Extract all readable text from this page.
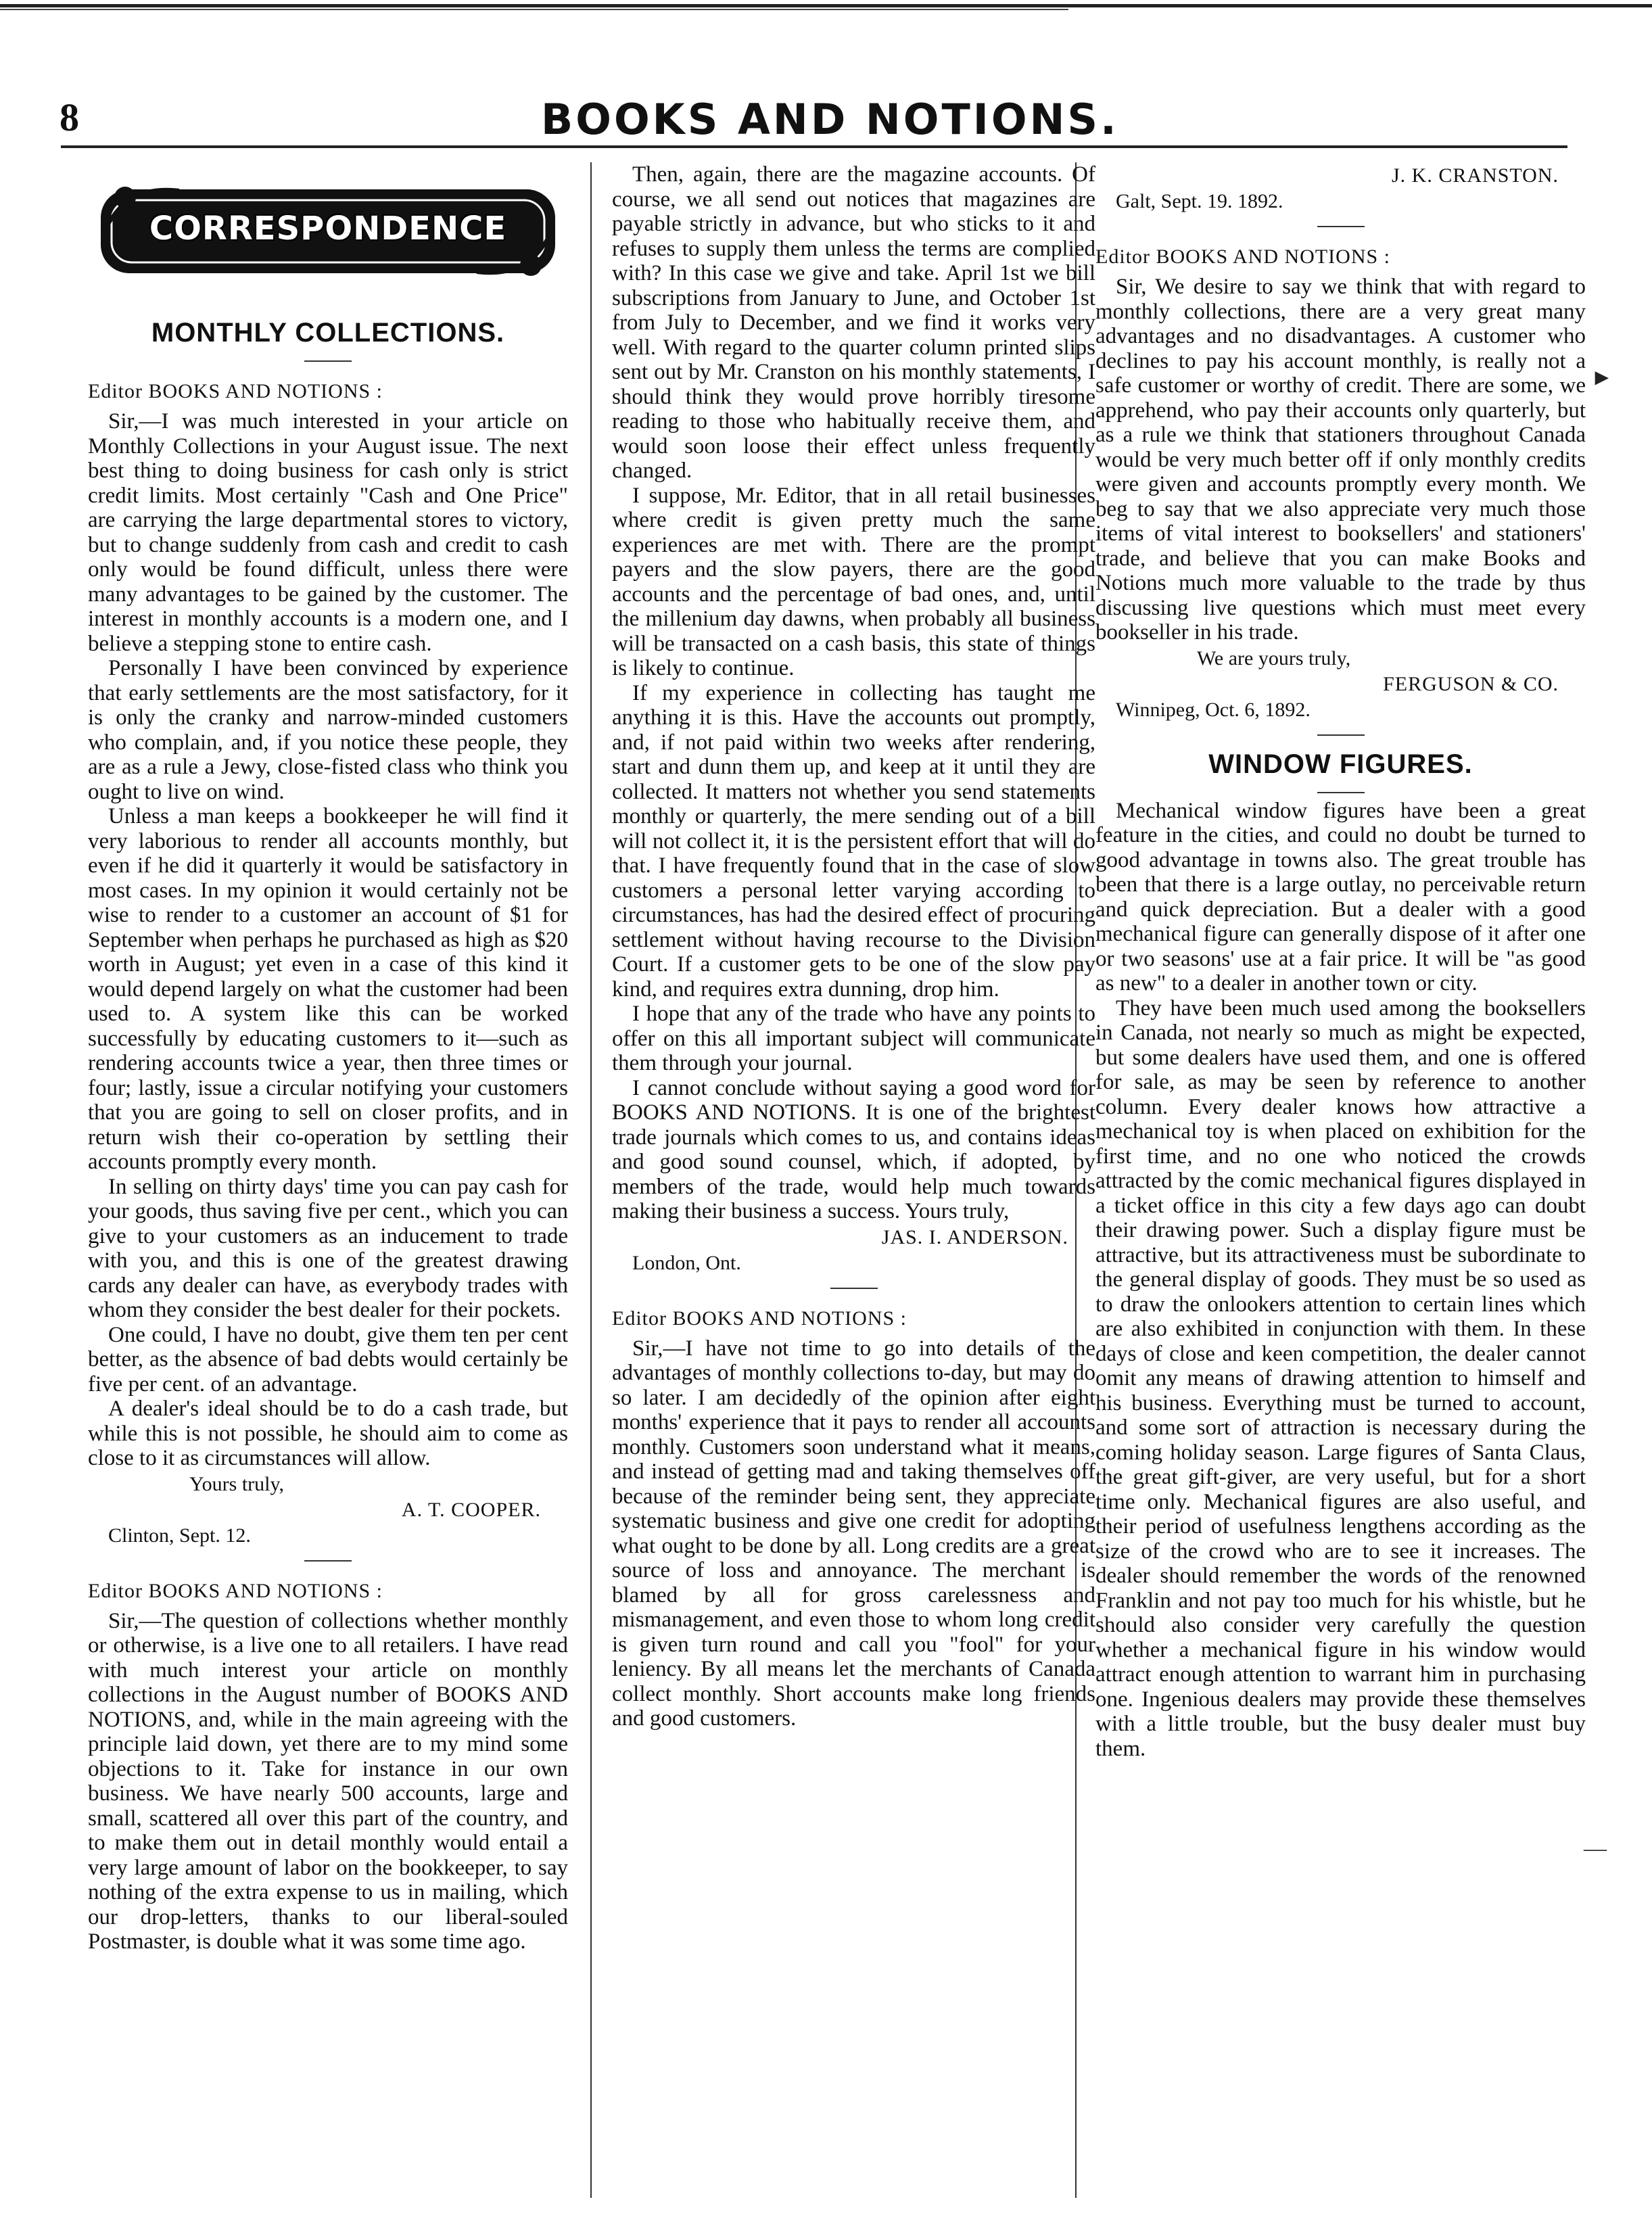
8	BOOKS AND NOTIONS.
CORRESPONDENCE
MONTHLY COLLECTIONS.
Editor BOOKS AND NOTIONS :

Sir,—I was much interested in your article on Monthly Collections in your August issue. The next best thing to doing business for cash only is strict credit limits. Most certainly "Cash and One Price" are carrying the large departmental stores to victory, but to change suddenly from cash and credit to cash only would be found difficult, unless there were many advantages to be gained by the customer. The interest in monthly accounts is a modern one, and I believe a stepping stone to entire cash.

Personally I have been convinced by experience that early settlements are the most satisfactory, for it is only the cranky and narrow-minded customers who complain, and, if you notice these people, they are as a rule a Jewy, close-fisted class who think you ought to live on wind.

Unless a man keeps a bookkeeper he will find it very laborious to render all accounts monthly, but even if he did it quarterly it would be satisfactory in most cases. In my opinion it would certainly not be wise to render to a customer an account of $1 for September when perhaps he purchased as high as $20 worth in August; yet even in a case of this kind it would depend largely on what the customer had been used to. A system like this can be worked successfully by educating customers to it—such as rendering accounts twice a year, then three times or four; lastly, issue a circular notifying your customers that you are going to sell on closer profits, and in return wish their co-operation by settling their accounts promptly every month.

In selling on thirty days' time you can pay cash for your goods, thus saving five per cent., which you can give to your customers as an inducement to trade with you, and this is one of the greatest drawing cards any dealer can have, as everybody trades with whom they consider the best dealer for their pockets.

One could, I have no doubt, give them ten per cent better, as the absence of bad debts would certainly be five per cent. of an advantage.

A dealer's ideal should be to do a cash trade, but while this is not possible, he should aim to come as close to it as circumstances will allow.

Yours truly,
A. T. COOPER.
Clinton, Sept. 12.
Editor BOOKS AND NOTIONS :

Sir,—The question of collections whether monthly or otherwise, is a live one to all retailers. I have read with much interest your article on monthly collections in the August number of BOOKS AND NOTIONS, and, while in the main agreeing with the principle laid down, yet there are to my mind some objections to it. Take for instance in our own business. We have nearly 500 accounts, large and small, scattered all over this part of the country, and to make them out in detail monthly would entail a very large amount of labor on the bookkeeper, to say nothing of the extra expense to us in mailing, which our drop-letters, thanks to our liberal-souled Postmaster, is double what it was some time ago.

Then, again, there are the magazine accounts. Of course, we all send out notices that magazines are payable strictly in advance, but who sticks to it and refuses to supply them unless the terms are complied with? In this case we give and take. April 1st we bill subscriptions from January to June, and October 1st from July to December, and we find it works very well. With regard to the quarter column printed slips sent out by Mr. Cranston on his monthly statements, I should think they would prove horribly tiresome reading to those who habitually receive them, and would soon loose their effect unless frequently changed.

I suppose, Mr. Editor, that in all retail businesses where credit is given pretty much the same experiences are met with. There are the prompt payers and the slow payers, there are the good accounts and the percentage of bad ones, and, until the millenium day dawns, when probably all business will be transacted on a cash basis, this state of things is likely to continue.

If my experience in collecting has taught me anything it is this. Have the accounts out promptly, and, if not paid within two weeks after rendering, start and dunn them up, and keep at it until they are collected. It matters not whether you send statements monthly or quarterly, the mere sending out of a bill will not collect it, it is the persistent effort that will do that. I have frequently found that in the case of slow customers a personal letter varying according to circumstances, has had the desired effect of procuring settlement without having recourse to the Division Court. If a customer gets to be one of the slow pay kind, and requires extra dunning, drop him.

I hope that any of the trade who have any points to offer on this all important subject will communicate them through your journal.

I cannot conclude without saying a good word for BOOKS AND NOTIONS. It is one of the brightest trade journals which comes to us, and contains ideas and good sound counsel, which, if adopted, by members of the trade, would help much towards making their business a success. Yours truly,

JAS. I. ANDERSON.
London, Ont.
Editor BOOKS AND NOTIONS :

Sir,—I have not time to go into details of the advantages of monthly collections to-day, but may do so later. I am decidedly of the opinion after eight months' experience that it pays to render all accounts monthly. Customers soon understand what it means, and instead of getting mad and taking themselves off because of the reminder being sent, they appreciate systematic business and give one credit for adopting what ought to be done by all. Long credits are a great source of loss and annoyance. The merchant is blamed by all for gross carelessness and mismanagement, and even those to whom long credit is given turn round and call you "fool" for your leniency. By all means let the merchants of Canada collect monthly. Short accounts make long friends and good customers.

J. K. CRANSTON.
Galt, Sept. 19. 1892.
Editor BOOKS AND NOTIONS :

Sir, We desire to say we think that with regard to monthly collections, there are a very great many advantages and no disadvantages. A customer who declines to pay his account monthly, is really not a safe customer or worthy of credit. There are some, we apprehend, who pay their accounts only quarterly, but as a rule we think that stationers throughout Canada would be very much better off if only monthly credits were given and accounts promptly every month. We beg to say that we also appreciate very much those items of vital interest to booksellers' and stationers' trade, and believe that you can make Books and Notions much more valuable to the trade by thus discussing live questions which must meet every bookseller in his trade.

We are yours truly,
FERGUSON & CO.
Winnipeg, Oct. 6, 1892.
WINDOW FIGURES.

Mechanical window figures have been a great feature in the cities, and could no doubt be turned to good advantage in towns also. The great trouble has been that there is a large outlay, no perceivable return and quick depreciation. But a dealer with a good mechanical figure can generally dispose of it after one or two seasons' use at a fair price. It will be "as good as new" to a dealer in another town or city.

They have been much used among the booksellers in Canada, not nearly so much as might be expected, but some dealers have used them, and one is offered for sale, as may be seen by reference to another column. Every dealer knows how attractive a mechanical toy is when placed on exhibition for the first time, and no one who noticed the crowds attracted by the comic mechanical figures displayed in a ticket office in this city a few days ago can doubt their drawing power. Such a display figure must be attractive, but its attractiveness must be subordinate to the general display of goods. They must be so used as to draw the onlookers attention to certain lines which are also exhibited in conjunction with them. In these days of close and keen competition, the dealer cannot omit any means of drawing attention to himself and his business. Everything must be turned to account, and some sort of attraction is necessary during the coming holiday season. Large figures of Santa Claus, the great gift-giver, are very useful, but for a short time only. Mechanical figures are also useful, and their period of usefulness lengthens according as the size of the crowd who are to see it increases. The dealer should remember the words of the renowned Franklin and not pay too much for his whistle, but he should also consider very carefully the question whether a mechanical figure in his window would attract enough attention to warrant him in purchasing one. Ingenious dealers may provide these themselves with a little trouble, but the busy dealer must buy them.

►
—
